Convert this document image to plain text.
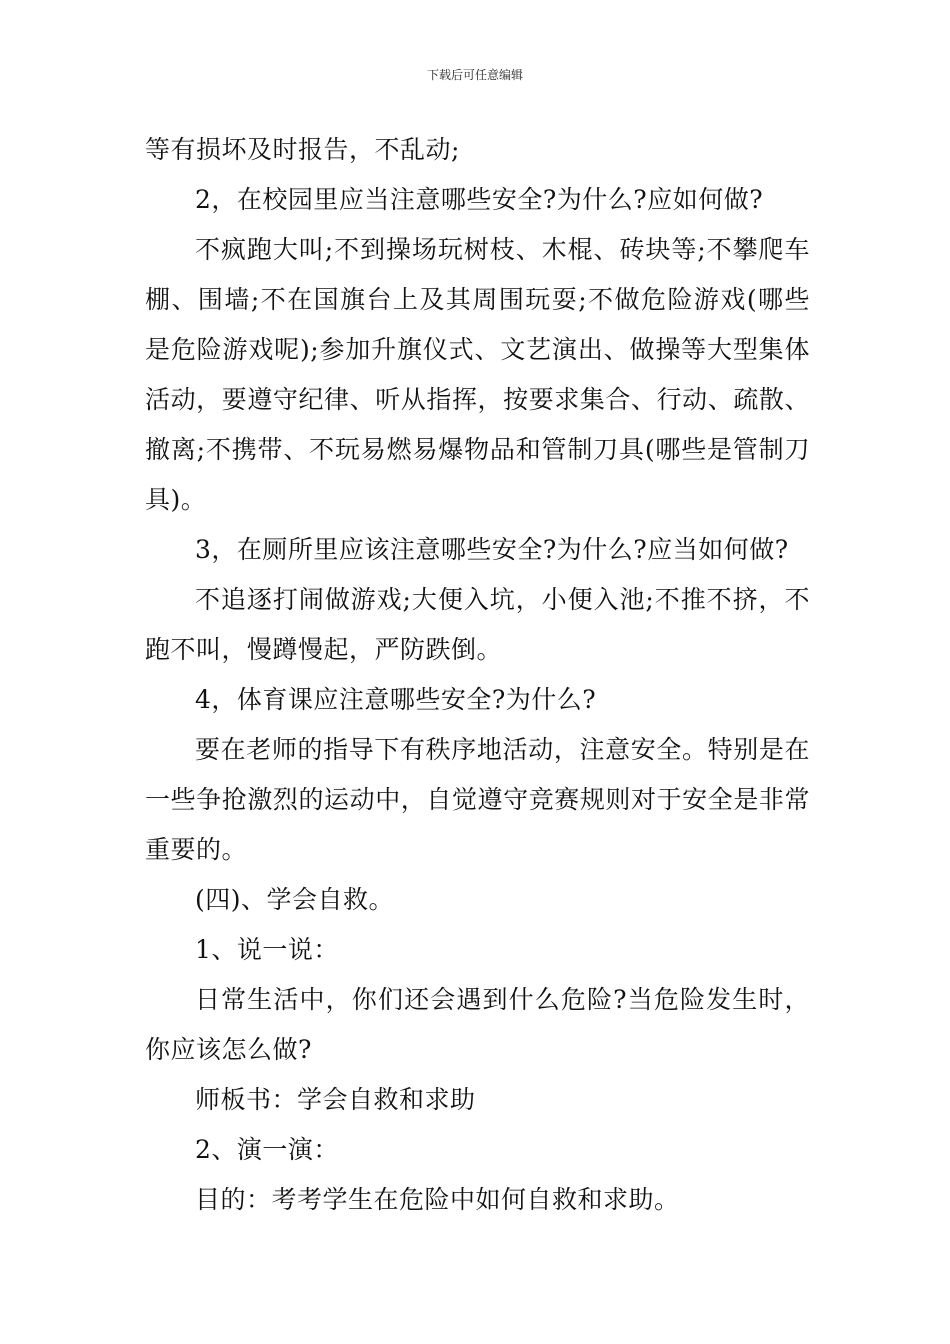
下载后可任意编辑

等有损坏及时报告，不乱动;

2，在校园里应当注意哪些安全?为什么?应如何做?

不疯跑大叫;不到操场玩树枝、木棍、砖块等;不攀爬车棚、围墙;不在国旗台上及其周围玩耍;不做危险游戏(哪些是危险游戏呢);参加升旗仪式、文艺演出、做操等大型集体活动，要遵守纪律、听从指挥，按要求集合、行动、疏散、撤离;不携带、不玩易燃易爆物品和管制刀具(哪些是管制刀具)。

3，在厕所里应该注意哪些安全?为什么?应当如何做?

不追逐打闹做游戏;大便入坑，小便入池;不推不挤，不跑不叫，慢蹲慢起，严防跌倒。

4，体育课应注意哪些安全?为什么?

要在老师的指导下有秩序地活动，注意安全。特别是在一些争抢激烈的运动中，自觉遵守竞赛规则对于安全是非常重要的。

(四)、学会自救。

1、说一说：

日常生活中，你们还会遇到什么危险?当危险发生时，你应该怎么做?

师板书：学会自救和求助

2、演一演：

目的：考考学生在危险中如何自救和求助。
